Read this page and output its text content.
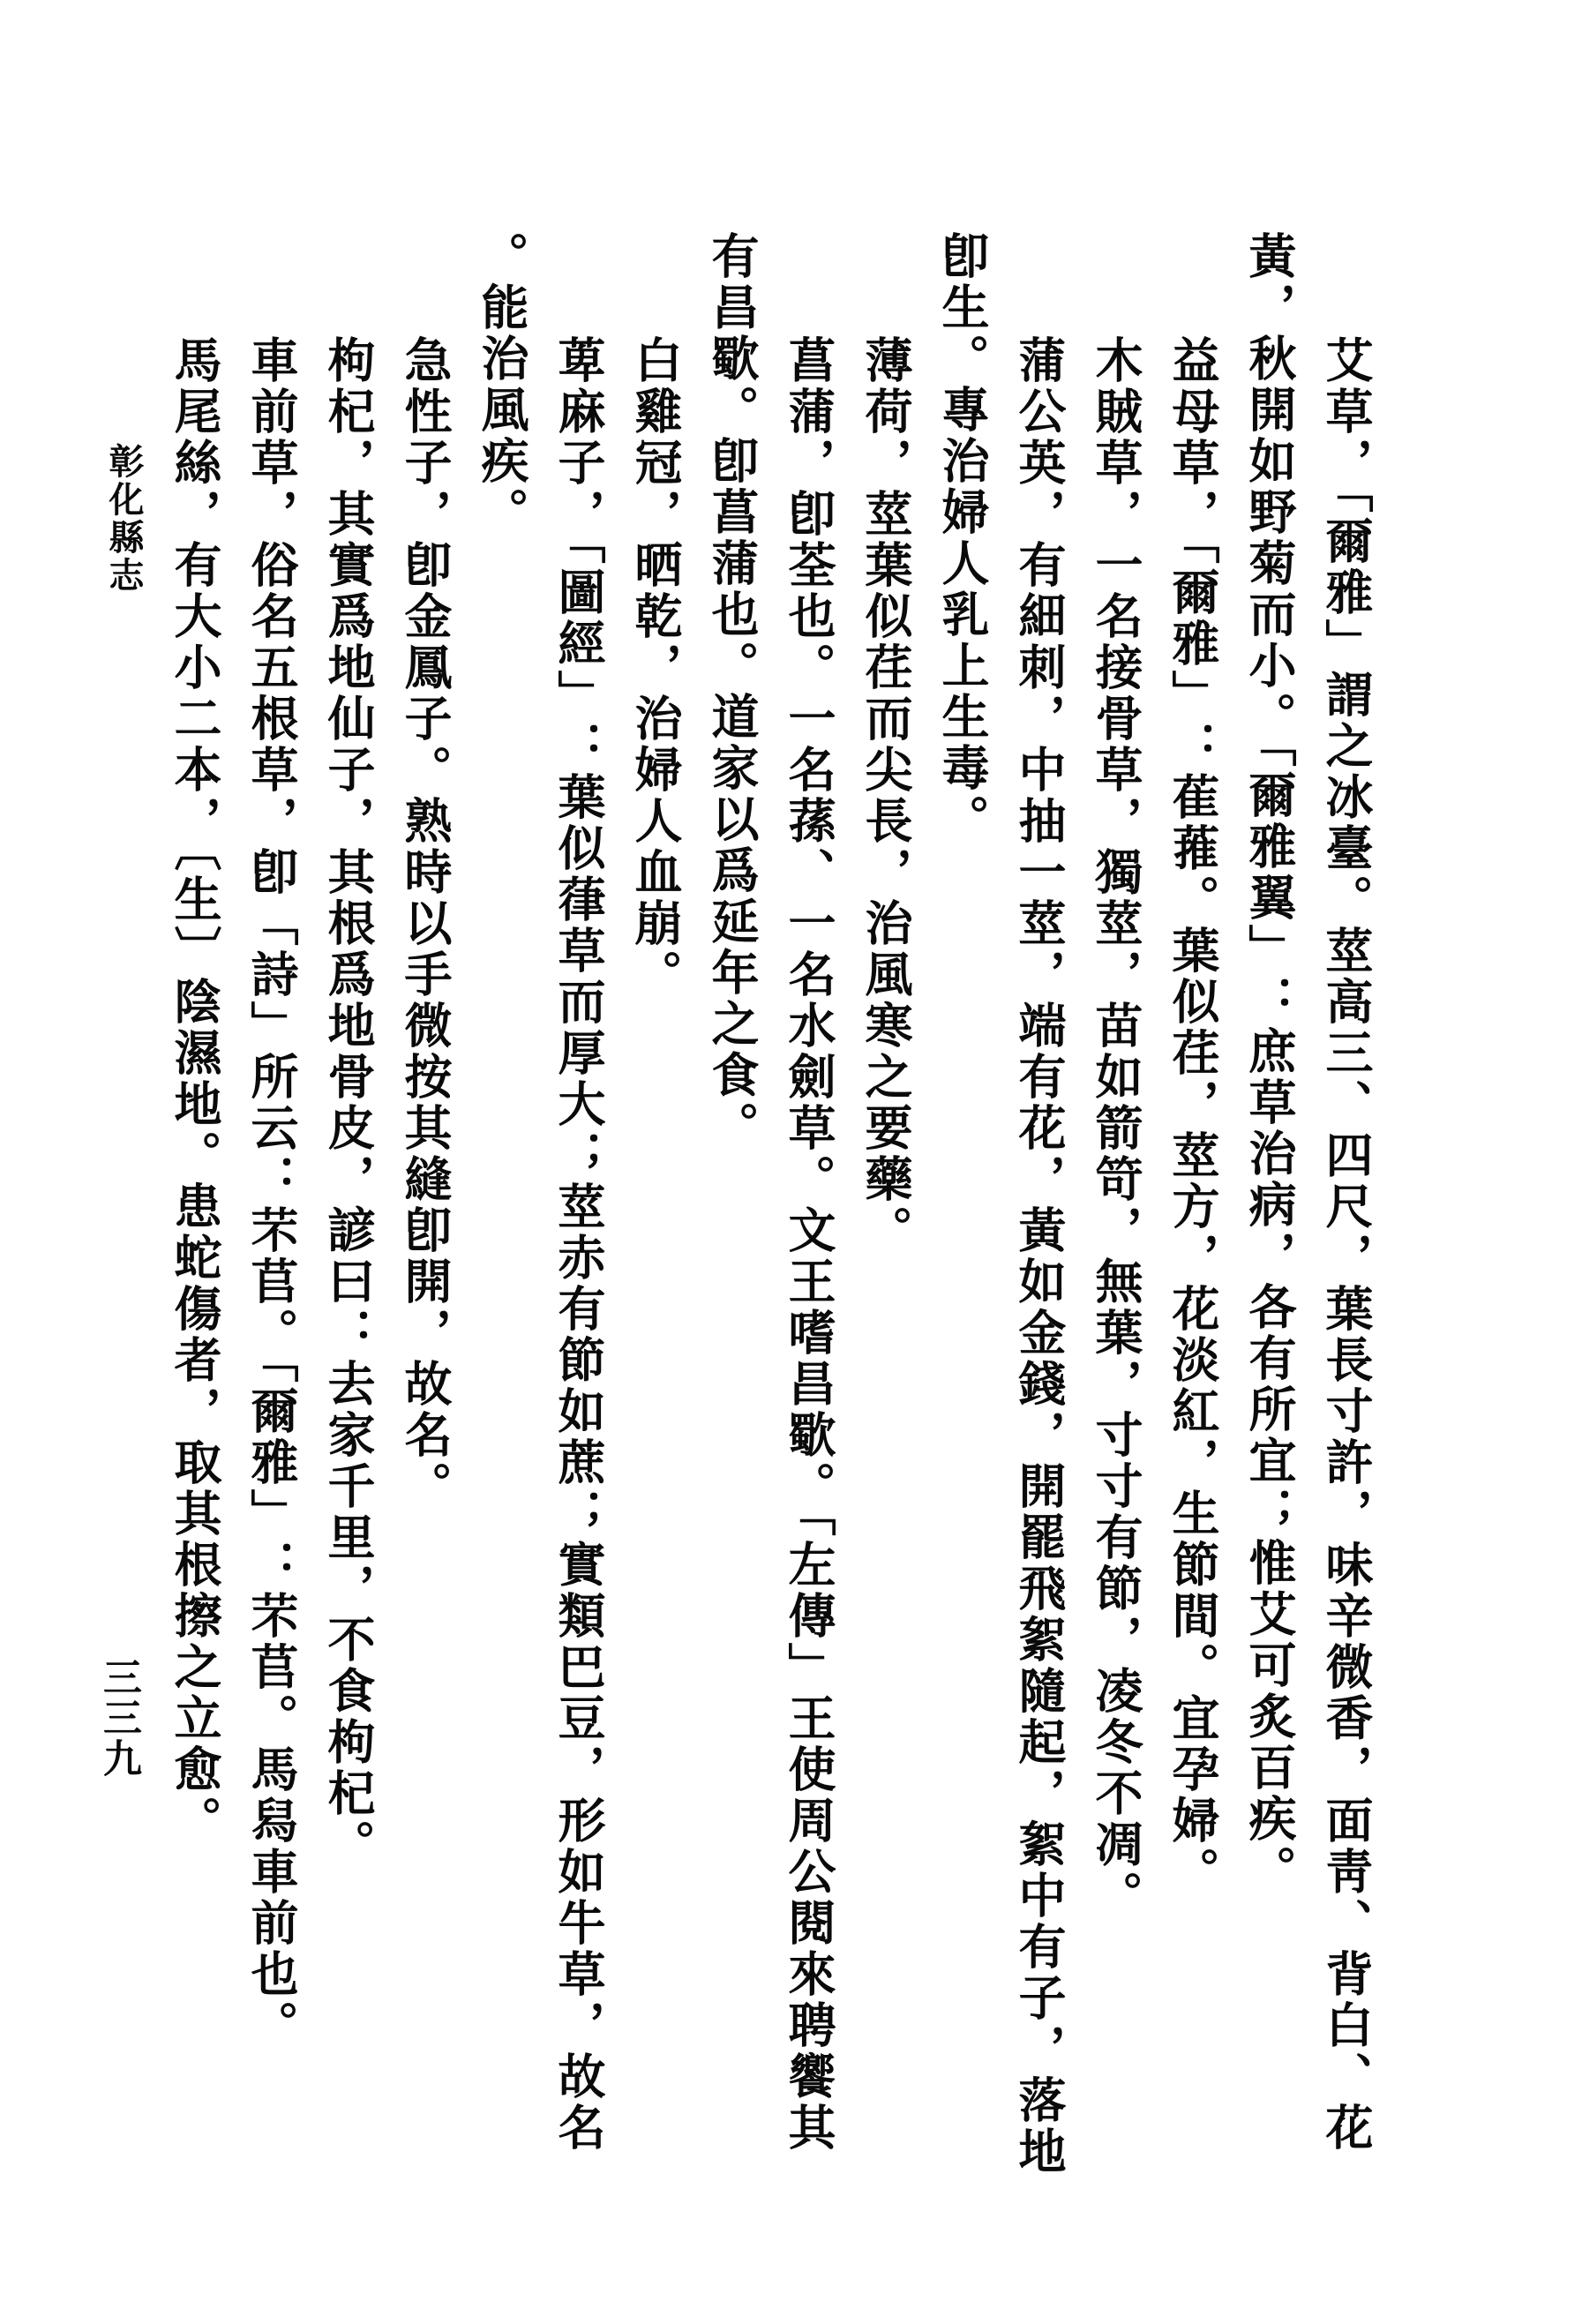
彰化縣志	艾草，「爾雅」謂之冰臺。莖高三、四尺，葉長寸許，味辛微香，面靑、背白、花

黃，秋開如野菊而小。「爾雅翼」：庶草治病，各有所宜；惟艾可炙百疾。

益母草，「爾雅」：萑蓷。葉似荏，莖方，花淡紅，生節間。宜孕婦。

木賊草，一名接骨草，獨莖，苗如箭笴，無葉，寸寸有節，凌冬不凋。

蒲公英，有細刺，中抽一莖，端有花，黃如金錢，開罷飛絮隨起，絮中有子，落地

卽生。專治婦人乳上生毒。

薄荷，莖葉似荏而尖長，治風寒之要藥。

菖蒲，卽荃也。一名蓀、一名水劍草。文王嗜昌歜。「左傳」王使周公閱來聘饗其

有昌歜。卽菖蒲也。道家以爲延年之食。

白雞冠，晒乾，治婦人血崩。

萆麻子，「圖經」：葉似葎草而厚大；莖赤有節如蔗；實類巴豆，形如牛草，故名

。能治風疾。

急性子，卽金鳳子。熟時以手微按其縫卽開，故名。

枸杞，其實爲地仙子，其根爲地骨皮，諺曰：去家千里，不食枸杞。

車前草，俗名五根草，卽「詩」所云：芣苢。「爾雅」：芣苢。馬舄車前也。

馬尾絲，有大小二本，〔生〕陰濕地。患蛇傷者，取其根擦之立愈。

三三九
